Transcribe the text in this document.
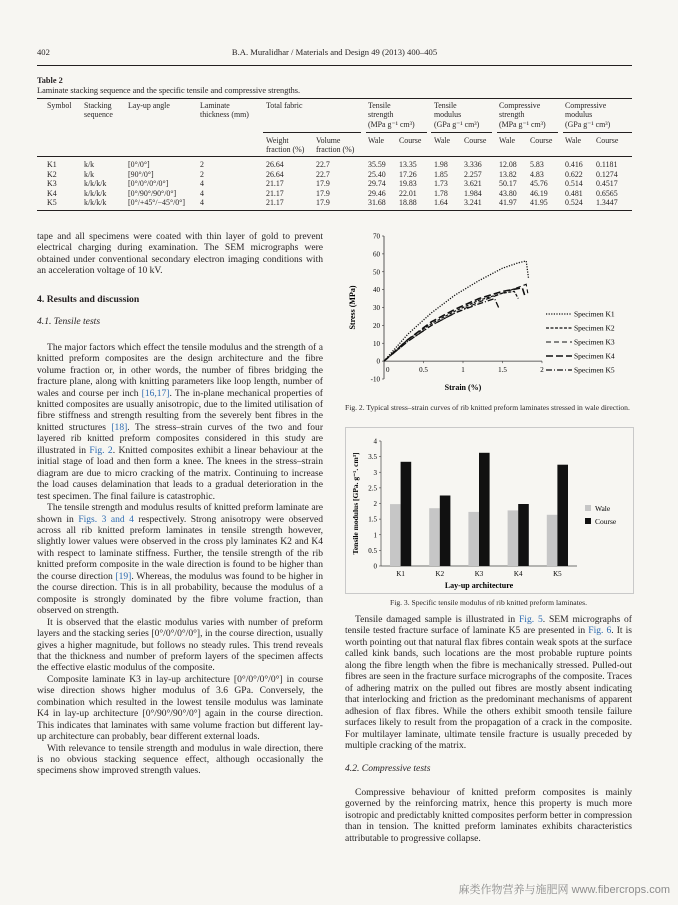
402	B.A. Muralidhar / Materials and Design 49 (2013) 400–405
Table 2
Laminate stacking sequence and the specific tensile and compressive strengths.
Symbol Stacking
sequence
Lay-up angle	Laminate
thickness (mm)
Total fabric
Weight
fraction (%)
Volume
fraction (%)
Tensile
strength
(MPa g⁻¹ cm³)
Tensile
modulus
(GPa g⁻¹ cm³)
Compressive
strength
(MPa g⁻¹ cm³)
Compressive
modulus
(GPa g⁻¹ cm³)
Wale Course Wale Course Wale Course Wale Course
K1	k/k	[0°/0°]	2	26.64	22.7	35.59 13.35 1.98 3.336 12.08 5.83	0.416 0.1181
K2	k/k	[90°/0°]	2	26.64	22.7	25.40 17.26 1.85 2.257 13.82 4.83	0.622 0.1274
K3	k/k/k/k	[0°/0°/0°/0°]	4	21.17	17.9	29.74 19.83 1.73 3.621 50.17 45.76 0.514 0.4517
K4	k/k/k/k	[0°/90°/90°/0°]	4	21.17	17.9	29.46 22.01 1.78 1.984 43.80 46.19 0.481 0.6565
K5	k/k/k/k	[0°/+45°/−45°/0°] 4	21.17	17.9	31.68 18.88 1.64 3.241 41.97 41.95 0.524 1.3447

tape and all specimens were coated with thin layer of gold to prevent electrical charging during examination. The SEM micrographs were obtained under conventional secondary electron imaging conditions with an acceleration voltage of 10 kV.

4. Results and discussion
4.1. Tensile tests

The major factors which effect the tensile modulus and the strength of a knitted preform composites are the design architecture and the fibre volume fraction or, in other words, the number of fibres bridging the fracture plane, along with knitting parameters like loop length, number of wales and course per inch [16,17]. The in-plane mechanical properties of knitted composites are usually anisotropic, due to the limited utilisation of fibre stiffness and strength resulting from the severely bent fibres in the knitted structures [18]. The stress–strain curves of the two and four layered rib knitted preform composites considered in this study are illustrated in Fig. 2. Knitted composites exhibit a linear behaviour at the initial stage of load and then form a knee. The knees in the stress–strain diagram are due to micro cracking of the matrix. Continuing to increase the load causes delamination that leads to a gradual deterioration in the test specimen. The final failure is catastrophic.

The tensile strength and modulus results of knitted preform laminate are shown in Figs. 3 and 4 respectively. Strong anisotropy were observed across all rib knitted preform laminates in tensile strength however, slightly lower values were observed in the cross ply laminates K2 and K4 with respect to laminate stiffness. Further, the tensile strength of the rib knitted preform composite in the wale direction is found to be higher than the course direction [19]. Whereas, the modulus was found to be higher in the course direction. This is in all probability, because the modulus of a composite is strongly dominated by the fibre volume fraction, than observed on strength.

It is observed that the elastic modulus varies with number of preform layers and the stacking series [0°/0°/0°/0°], in the course direction, usually gives a higher magnitude, but follows no steady rules. This trend reveals that the thickness and number of preform layers of the specimen affects the effective elastic modulus of the composite.

Composite laminate K3 in lay-up architecture [0°/0°/0°/0°] in course wise direction shows higher modulus of 3.6 GPa. Conversely, the combination which resulted in the lowest tensile modulus was laminate K4 in lay-up architecture [0°/90°/90°/0°] again in the course direction. This indicates that laminates with same volume fraction but different lay-up architecture can probably, bear different external loads.

With relevance to tensile strength and modulus in wale direction, there is no obvious stacking sequence effect, although occasionally the specimens show improved strength values.

-10
0
10
20
30
40
50
60
70
0	0.5	1	1.5	2
Strain (%)
Stress (MPa)	Specimen K1
Specimen K2
Specimen K3
Specimen K4
Specimen K5
Fig. 2. Typical stress–strain curves of rib knitted preform laminates stressed in wale direction.
0
0.5
1
1.5
2
2.5
3
3.5
4
K1	K2	K3	K4	K5
Lay-up architecture
Tensile modulus [GPa. g⁻¹. cm³]	Wale
Course
Fig. 3. Specific tensile modulus of rib knitted preform laminates.

Tensile damaged sample is illustrated in Fig. 5. SEM micrographs of tensile tested fracture surface of laminate K5 are presented in Fig. 6. It is worth pointing out that natural flax fibres contain weak spots at the surface called kink bands, such locations are the most probable rupture points along the fibre length when the fibre is mechanically stressed. Pulled-out fibres are seen in the fracture surface micrographs of the composite. Traces of adhering matrix on the pulled out fibres are mostly absent indicating that interlocking and friction as the predominant mechanisms of apparent adhesion of flax fibres. While the others exhibit smooth tensile failure surfaces likely to result from the propagation of a crack in the composite. For multilayer laminate, ultimate tensile fracture is usually preceded by multiple cracking of the matrix.

4.2. Compressive tests

Compressive behaviour of knitted preform composites is mainly governed by the reinforcing matrix, hence this property is much more isotropic and predictably knitted composites perform better in compression than in tension. The knitted preform laminates exhibits characteristics attributable to progressive collapse.

麻类作物营养与施肥网 www.fibercrops.com
